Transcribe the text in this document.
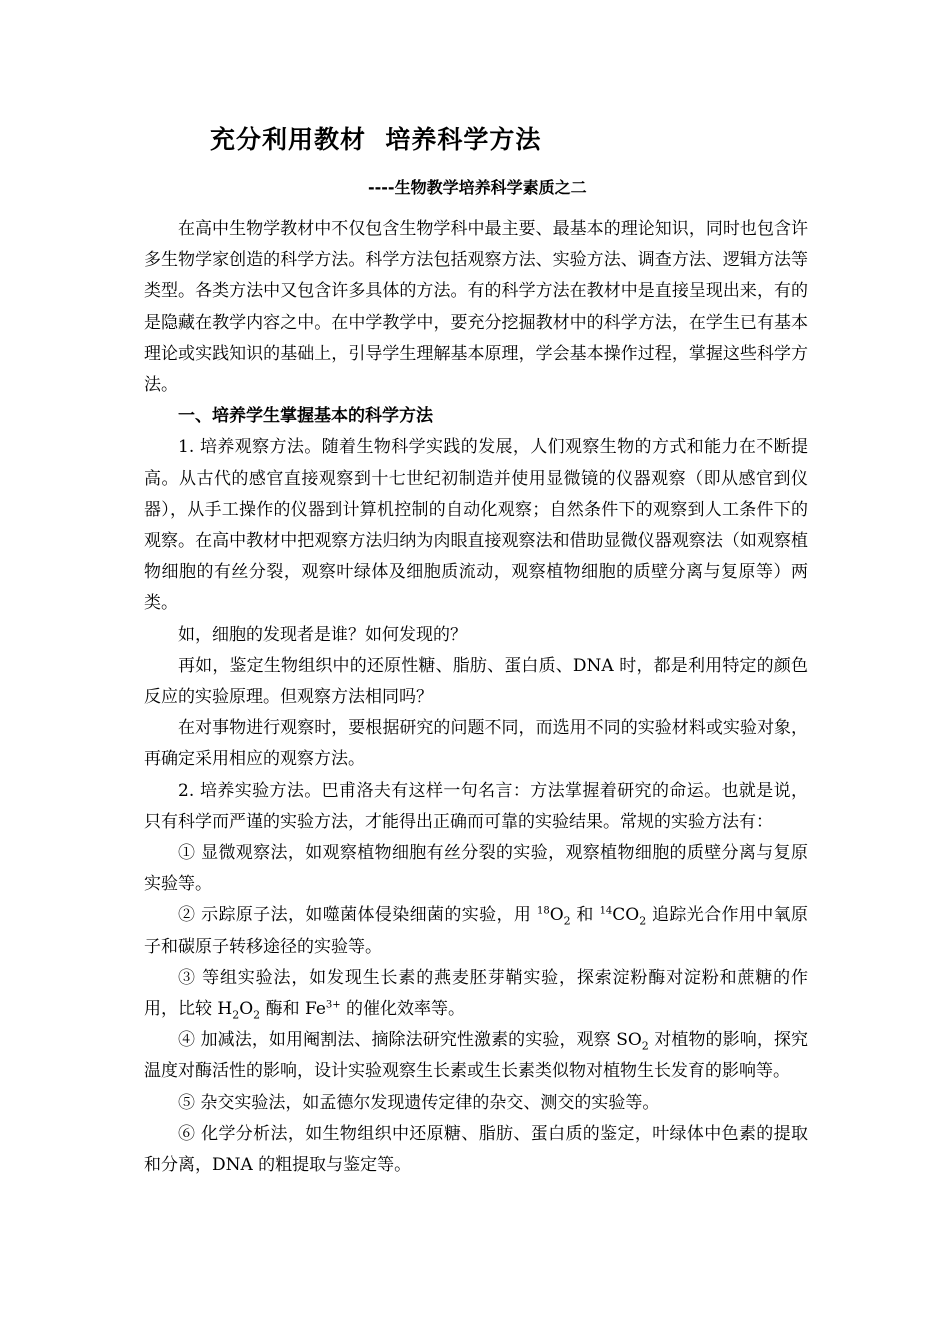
充分利用教材  培养科学方法
----生物教学培养科学素质之二

在高中生物学教材中不仅包含生物学科中最主要、最基本的理论知识，同时也包含许多生物学家创造的科学方法。科学方法包括观察方法、实验方法、调查方法、逻辑方法等类型。各类方法中又包含许多具体的方法。有的科学方法在教材中是直接呈现出来，有的是隐藏在教学内容之中。在中学教学中，要充分挖掘教材中的科学方法，在学生已有基本理论或实践知识的基础上，引导学生理解基本原理，学会基本操作过程，掌握这些科学方法。

一、培养学生掌握基本的科学方法

1. 培养观察方法。随着生物科学实践的发展，人们观察生物的方式和能力在不断提高。从古代的感官直接观察到十七世纪初制造并使用显微镜的仪器观察（即从感官到仪器），从手工操作的仪器到计算机控制的自动化观察；自然条件下的观察到人工条件下的观察。在高中教材中把观察方法归纳为肉眼直接观察法和借助显微仪器观察法（如观察植物细胞的有丝分裂，观察叶绿体及细胞质流动，观察植物细胞的质壁分离与复原等）两类。

如，细胞的发现者是谁？如何发现的？

再如，鉴定生物组织中的还原性糖、脂肪、蛋白质、DNA 时，都是利用特定的颜色反应的实验原理。但观察方法相同吗？

在对事物进行观察时，要根据研究的问题不同，而选用不同的实验材料或实验对象，再确定采用相应的观察方法。

2. 培养实验方法。巴甫洛夫有这样一句名言：方法掌握着研究的命运。也就是说，只有科学而严谨的实验方法，才能得出正确而可靠的实验结果。常规的实验方法有：

① 显微观察法，如观察植物细胞有丝分裂的实验，观察植物细胞的质壁分离与复原实验等。

② 示踪原子法，如噬菌体侵染细菌的实验，用 $^{18}O_2$ 和 $^{14}CO_2$ 追踪光合作用中氧原子和碳原子转移途径的实验等。

③ 等组实验法，如发现生长素的燕麦胚芽鞘实验，探索淀粉酶对淀粉和蔗糖的作用，比较 $H_2O_2$ 酶和 $Fe^{3+}$ 的催化效率等。

④ 加减法，如用阉割法、摘除法研究性激素的实验，观察 $SO_2$ 对植物的影响，探究温度对酶活性的影响，设计实验观察生长素或生长素类似物对植物生长发育的影响等。

⑤ 杂交实验法，如孟德尔发现遗传定律的杂交、测交的实验等。

⑥ 化学分析法，如生物组织中还原糖、脂肪、蛋白质的鉴定，叶绿体中色素的提取和分离，DNA 的粗提取与鉴定等。
